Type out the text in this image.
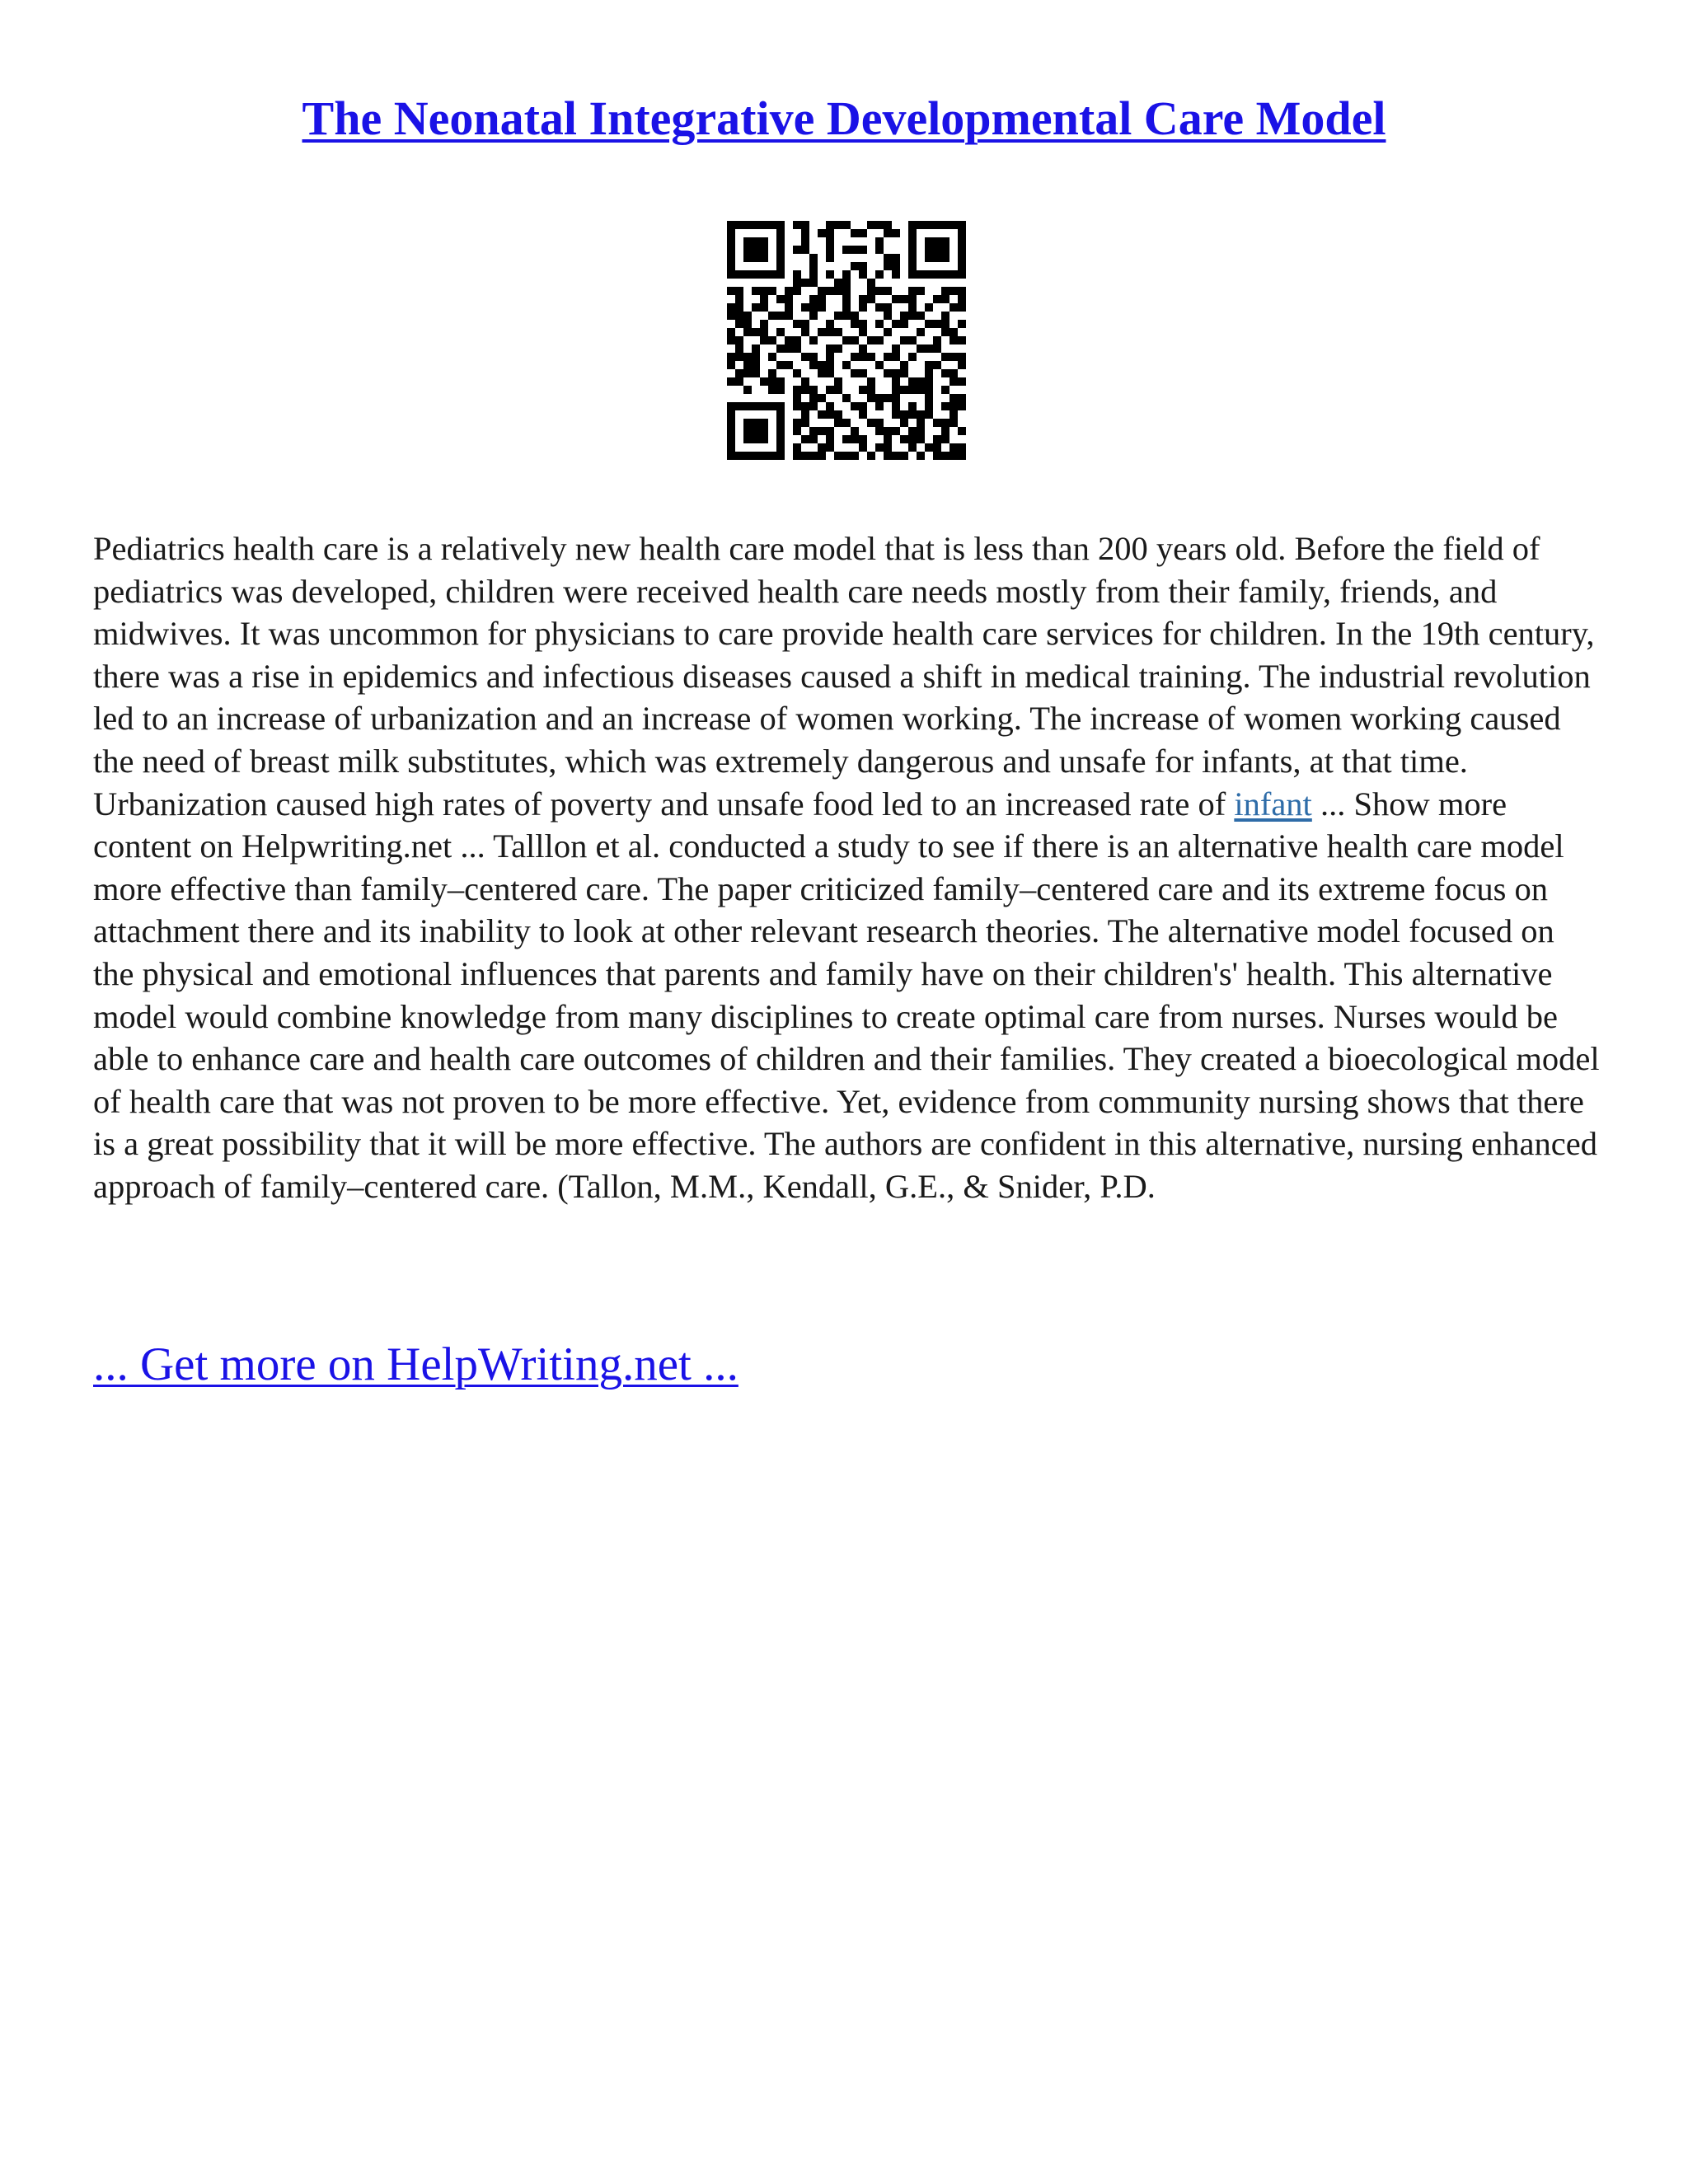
The Neonatal Integrative Developmental Care Model

Pediatrics health care is a relatively new health care model that is less than 200 years old. Before the field of pediatrics was developed, children were received health care needs mostly from their family, friends, and midwives. It was uncommon for physicians to care provide health care services for children. In the 19th century, there was a rise in epidemics and infectious diseases caused a shift in medical training. The industrial revolution led to an increase of urbanization and an increase of women working. The increase of women working caused the need of breast milk substitutes, which was extremely dangerous and unsafe for infants, at that time. Urbanization caused high rates of poverty and unsafe food led to an increased rate of infant ... Show more content on Helpwriting.net ... Talllon et al. conducted a study to see if there is an alternative health care model more effective than family–centered care. The paper criticized family–centered care and its extreme focus on attachment there and its inability to look at other relevant research theories. The alternative model focused on the physical and emotional influences that parents and family have on their children's' health. This alternative model would combine knowledge from many disciplines to create optimal care from nurses. Nurses would be able to enhance care and health care outcomes of children and their families. They created a bioecological model of health care that was not proven to be more effective. Yet, evidence from community nursing shows that there is a great possibility that it will be more effective. The authors are confident in this alternative, nursing enhanced approach of family–centered care. (Tallon, M.M., Kendall, G.E., & Snider, P.D.

... Get more on HelpWriting.net ...
